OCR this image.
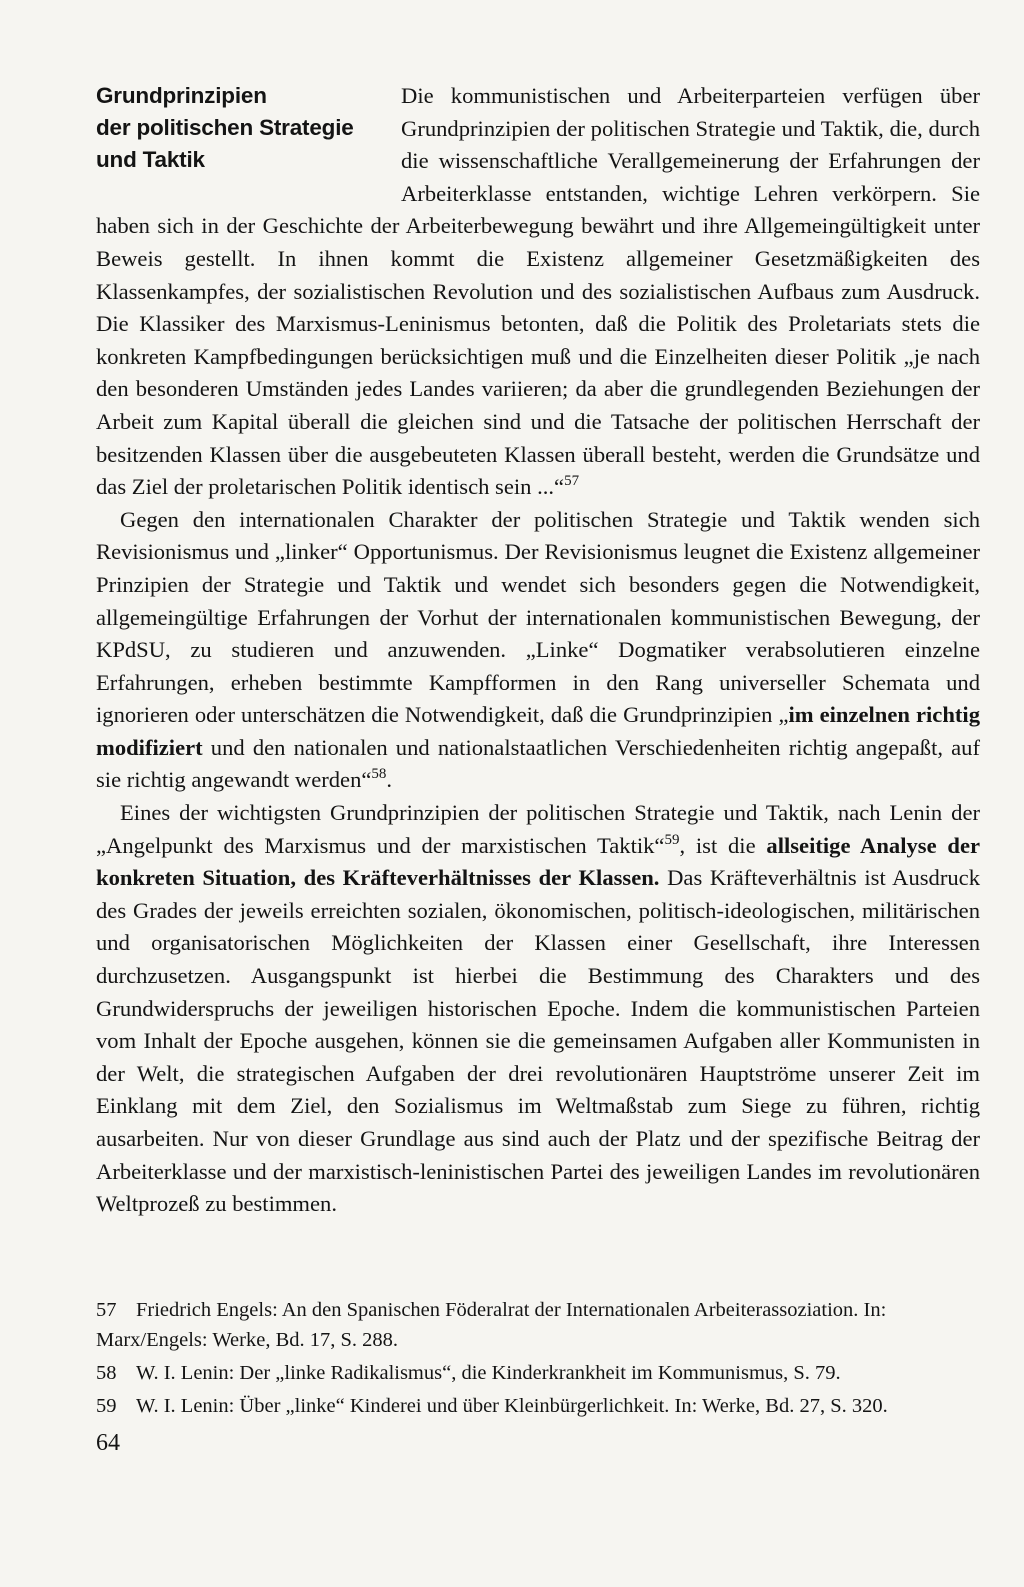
Grundprinzipien
der politischen Strategie
und Taktik

Die kommunistischen und Arbeiterparteien verfügen über Grundprinzipien der politischen Strategie und Taktik, die, durch die wissenschaftliche Verallgemeinerung der Erfahrungen der Arbeiterklasse entstanden, wichtige Lehren verkörpern. Sie haben sich in der Geschichte der Arbeiterbewegung bewährt und ihre Allgemeingültigkeit unter Beweis gestellt. In ihnen kommt die Existenz allgemeiner Gesetzmäßigkeiten des Klassenkampfes, der sozialistischen Revolution und des sozialistischen Aufbaus zum Ausdruck. Die Klassiker des Marxismus-Leninismus betonten, daß die Politik des Proletariats stets die konkreten Kampfbedingungen berücksichtigen muß und die Einzelheiten dieser Politik „je nach den besonderen Umständen jedes Landes variieren; da aber die grundlegenden Beziehungen der Arbeit zum Kapital überall die gleichen sind und die Tatsache der politischen Herrschaft der besitzenden Klassen über die ausgebeuteten Klassen überall besteht, werden die Grundsätze und das Ziel der proletarischen Politik identisch sein ...“$^{57}$

Gegen den internationalen Charakter der politischen Strategie und Taktik wenden sich Revisionismus und „linker“ Opportunismus. Der Revisionismus leugnet die Existenz allgemeiner Prinzipien der Strategie und Taktik und wendet sich besonders gegen die Notwendigkeit, allgemeingültige Erfahrungen der Vorhut der internationalen kommunistischen Bewegung, der KPdSU, zu studieren und anzuwenden. „Linke“ Dogmatiker verabsolutieren einzelne Erfahrungen, erheben bestimmte Kampfformen in den Rang universeller Schemata und ignorieren oder unterschätzen die Notwendigkeit, daß die Grundprinzipien „im einzelnen richtig modifiziert und den nationalen und nationalstaatlichen Verschiedenheiten richtig angepaßt, auf sie richtig angewandt werden“$^{58}$.

Eines der wichtigsten Grundprinzipien der politischen Strategie und Taktik, nach Lenin der „Angelpunkt des Marxismus und der marxistischen Taktik“$^{59}$, ist die allseitige Analyse der konkreten Situation, des Kräfteverhältnisses der Klassen. Das Kräfteverhältnis ist Ausdruck des Grades der jeweils erreichten sozialen, ökonomischen, politisch-ideologischen, militärischen und organisatorischen Möglichkeiten der Klassen einer Gesellschaft, ihre Interessen durchzusetzen. Ausgangspunkt ist hierbei die Bestimmung des Charakters und des Grundwiderspruchs der jeweiligen historischen Epoche. Indem die kommunistischen Parteien vom Inhalt der Epoche ausgehen, können sie die gemeinsamen Aufgaben aller Kommunisten in der Welt, die strategischen Aufgaben der drei revolutionären Hauptströme unserer Zeit im Einklang mit dem Ziel, den Sozialismus im Weltmaßstab zum Siege zu führen, richtig ausarbeiten. Nur von dieser Grundlage aus sind auch der Platz und der spezifische Beitrag der Arbeiterklasse und der marxistisch-leninistischen Partei des jeweiligen Landes im revolutionären Weltprozeß zu bestimmen.

57 Friedrich Engels: An den Spanischen Föderalrat der Internationalen Arbeiterassoziation. In: Marx/Engels: Werke, Bd. 17, S. 288.

58 W. I. Lenin: Der „linke Radikalismus“, die Kinderkrankheit im Kommunismus, S. 79.

59 W. I. Lenin: Über „linke“ Kinderei und über Kleinbürgerlichkeit. In: Werke, Bd. 27, S. 320.

64
